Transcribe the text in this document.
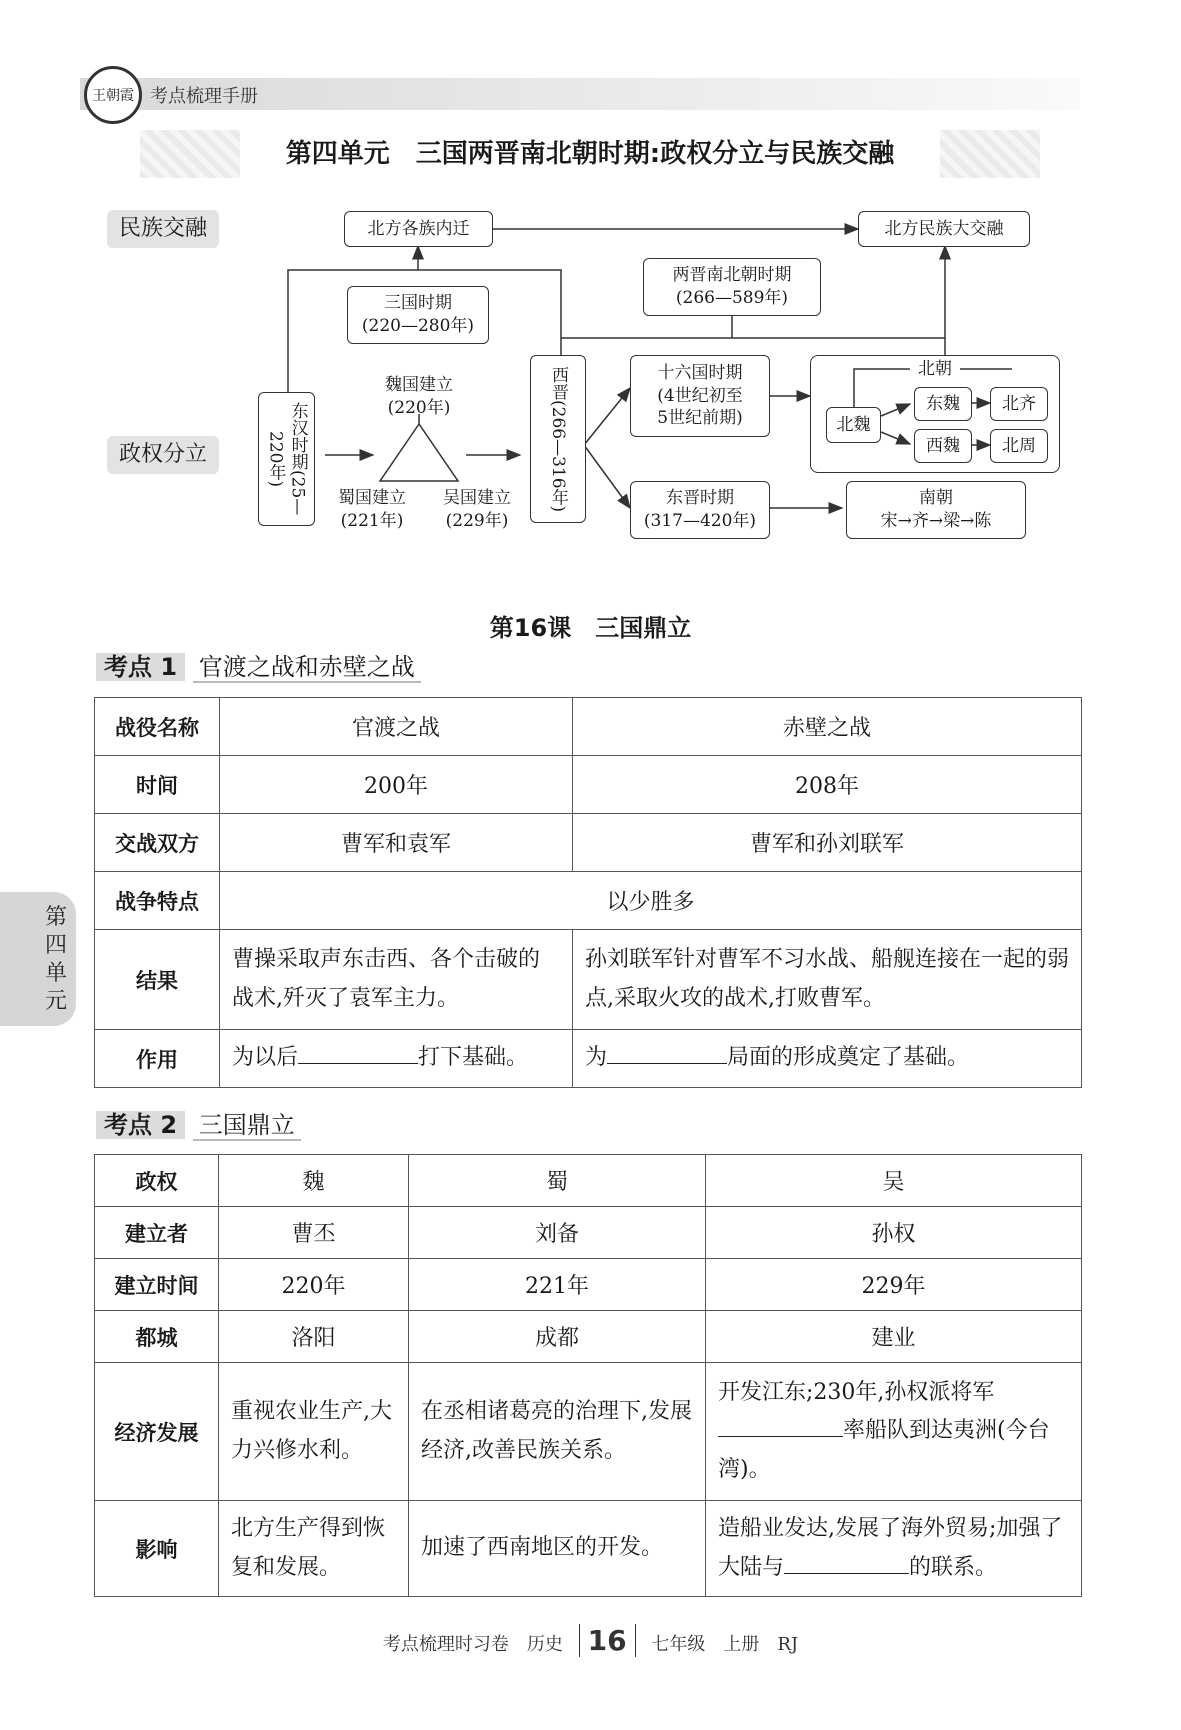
王朝霞 考点梳理手册
第四单元　三国两晋南北朝时期:政权分立与民族交融
民族交融
政权分立
北方各族内迁	北方民族大交融
三国时期
(220—280年)
两晋南北朝时期
(266—589年)
东汉时期(25—220年)
魏国建立
(220年)
蜀国建立
(221年)
吴国建立
(229年)
西晋(266—316年)	十六国时期
(4世纪初至
5世纪前期)
北朝
北魏
东魏	北齐
西魏	北周
东晋时期
(317—420年)
南朝
宋→齐→梁→陈
第16课　三国鼎立
考点 1 官渡之战和赤壁之战
战役名称	官渡之战	赤壁之战
时间	200年	208年
交战双方	曹军和袁军	曹军和孙刘联军
战争特点	以少胜多	
结果	曹操采取声东击西、各个击破的战术,歼灭了袁军主力。	孙刘联军针对曹军不习水战、船舰连接在一起的弱点,采取火攻的战术,打败曹军。
作用	为以后 打下基础。	为 局面的形成奠定了基础。
考点 2 三国鼎立
政权	魏	蜀	吴
建立者	曹丕	刘备	孙权
建立时间	220年	221年	229年
都城	洛阳	成都	建业
经济发展	重视农业生产,大力兴修水利。	在丞相诸葛亮的治理下,发展经济,改善民族关系。	开发江东;230年,孙权派将军率船队到达夷洲(今台湾)。
影响	北方生产得到恢复和发展。	加速了西南地区的开发。	造船业发达,发展了海外贸易;加强了大陆与 的联系。
第四单元
考点梳理时习卷　历史 16 七年级　上册　RJ
